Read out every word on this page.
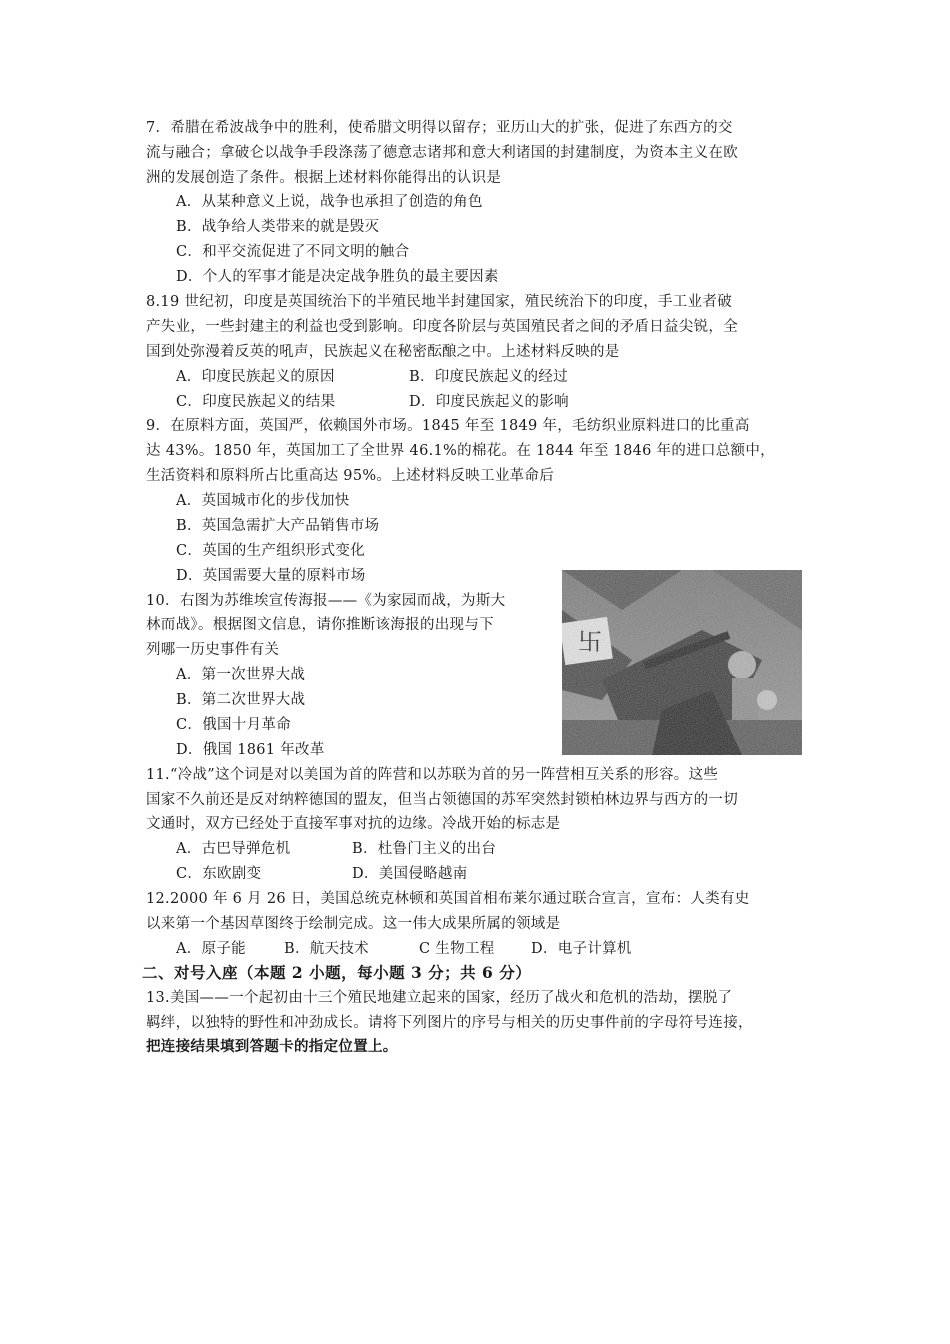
7．希腊在希波战争中的胜利，使希腊文明得以留存；亚历山大的扩张，促进了东西方的交
流与融合；拿破仑以战争手段涤荡了德意志诸邦和意大利诸国的封建制度，为资本主义在欧
洲的发展创造了条件。根据上述材料你能得出的认识是
A．从某种意义上说，战争也承担了创造的角色
B．战争给人类带来的就是毁灭
C．和平交流促进了不同文明的触合
D．个人的军事才能是决定战争胜负的最主要因素
8.19 世纪初，印度是英国统治下的半殖民地半封建国家，殖民统治下的印度，手工业者破
产失业，一些封建主的利益也受到影响。印度各阶层与英国殖民者之间的矛盾日益尖锐，全
国到处弥漫着反英的吼声，民族起义在秘密酝酿之中。上述材料反映的是
A．印度民族起义的原因	B．印度民族起义的经过
C．印度民族起义的结果	D．印度民族起义的影响
9．在原料方面，英国严，依赖国外市场。1845 年至 1849 年，毛纺织业原料进口的比重高
达 43%。1850 年，英国加工了全世界 46.1%的棉花。在 1844 年至 1846 年的进口总额中，
生活资料和原料所占比重高达 95%。上述材料反映工业革命后
A．英国城市化的步伐加快
B．英国急需扩大产品销售市场
C．英国的生产组织形式变化
D．英国需要大量的原料市场
10．右图为苏维埃宣传海报——《为家园而战，为斯大
林而战》。根据图文信息，请你推断该海报的出现与下
列哪一历史事件有关
A．第一次世界大战
B．第二次世界大战
C．俄国十月革命
D．俄国 1861 年改革
11.“冷战”这个词是对以美国为首的阵营和以苏联为首的另一阵营相互关系的形容。这些
国家不久前还是反对纳粹德国的盟友，但当占领德国的苏军突然封锁柏林边界与西方的一切
文通时，双方已经处于直接军事对抗的边缘。冷战开始的标志是
A．古巴导弹危机	B．杜鲁门主义的出台
C．东欧剧变	D．美国侵略越南
12.2000 年 6 月 26 日，美国总统克林顿和英国首相布莱尔通过联合宣言，宣布：人类有史
以来第一个基因草图终于绘制完成。这一伟大成果所属的领域是
A．原子能	B．航天技术	C 生物工程	D．电子计算机
二、对号入座（本题 2 小题，每小题 3 分；共 6 分）
13.美国——一个起初由十三个殖民地建立起来的国家，经历了战火和危机的浩劫，摆脱了
羁绊，以独特的野性和冲劲成长。请将下列图片的序号与相关的历史事件前的字母符号连接，
把连接结果填到答题卡的指定位置上。
